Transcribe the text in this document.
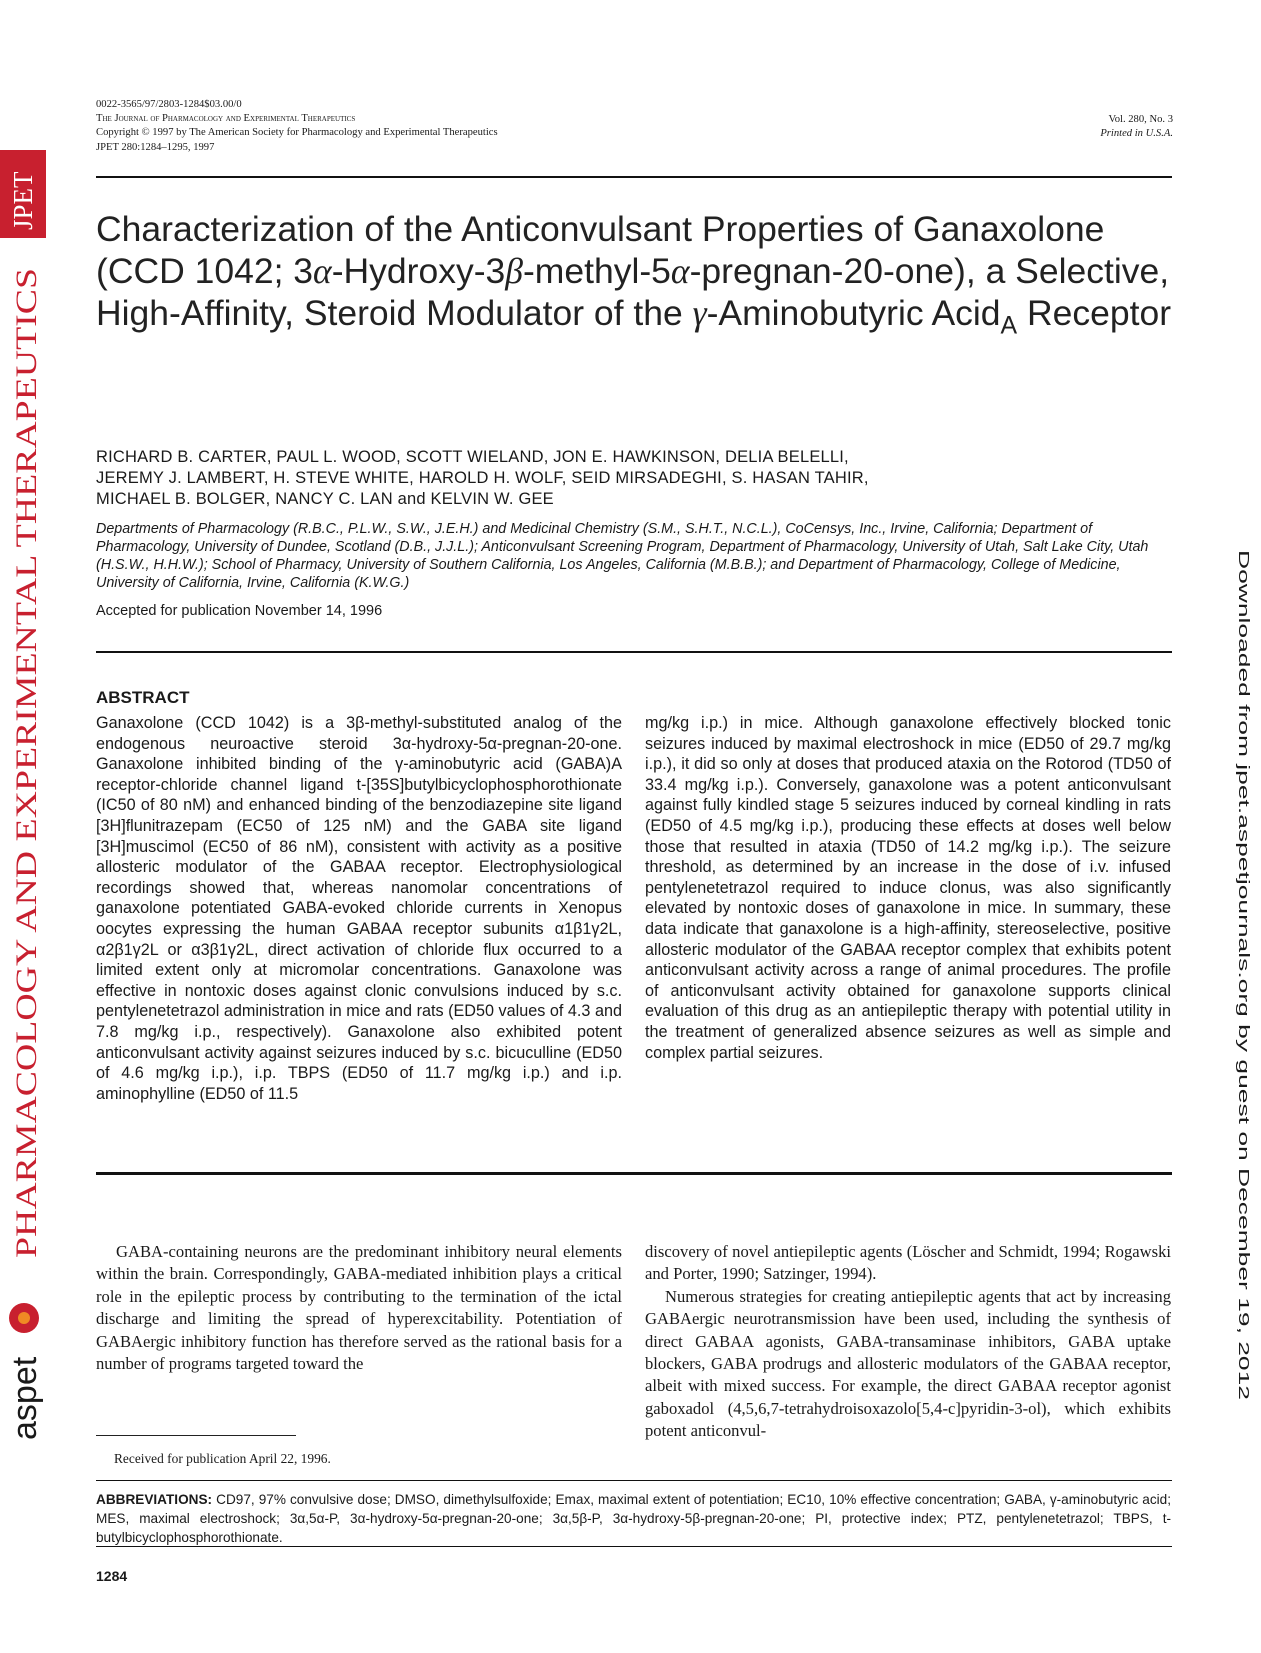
0022-3565/97/2803-1284$03.00/0
The Journal of Pharmacology and Experimental Therapeutics
Copyright © 1997 by The American Society for Pharmacology and Experimental Therapeutics
JPET 280:1284–1295, 1997
Vol. 280, No. 3
Printed in U.S.A.
Characterization of the Anticonvulsant Properties of Ganaxolone (CCD 1042; 3α-Hydroxy-3β-methyl-5α-pregnan-20-one), a Selective, High-Affinity, Steroid Modulator of the γ-Aminobutyric Acid$_A$ Receptor
RICHARD B. CARTER, PAUL L. WOOD, SCOTT WIELAND, JON E. HAWKINSON, DELIA BELELLI,
JEREMY J. LAMBERT, H. STEVE WHITE, HAROLD H. WOLF, SEID MIRSADEGHI, S. HASAN TAHIR,
MICHAEL B. BOLGER, NANCY C. LAN and KELVIN W. GEE
Departments of Pharmacology (R.B.C., P.L.W., S.W., J.E.H.) and Medicinal Chemistry (S.M., S.H.T., N.C.L.), CoCensys, Inc., Irvine, California; Department of Pharmacology, University of Dundee, Scotland (D.B., J.J.L.); Anticonvulsant Screening Program, Department of Pharmacology, University of Utah, Salt Lake City, Utah (H.S.W., H.H.W.); School of Pharmacy, University of Southern California, Los Angeles, California (M.B.B.); and Department of Pharmacology, College of Medicine, University of California, Irvine, California (K.W.G.)
Accepted for publication November 14, 1996
ABSTRACT
Ganaxolone (CCD 1042) is a 3β-methyl-substituted analog of the endogenous neuroactive steroid 3α-hydroxy-5α-pregnan-20-one. Ganaxolone inhibited binding of the γ-aminobutyric acid (GABA)A receptor-chloride channel ligand t-[35S]butylbicyclophosphorothionate (IC50 of 80 nM) and enhanced binding of the benzodiazepine site ligand [3H]flunitrazepam (EC50 of 125 nM) and the GABA site ligand [3H]muscimol (EC50 of 86 nM), consistent with activity as a positive allosteric modulator of the GABAA receptor. Electrophysiological recordings showed that, whereas nanomolar concentrations of ganaxolone potentiated GABA-evoked chloride currents in Xenopus oocytes expressing the human GABAA receptor subunits α1β1γ2L, α2β1γ2L or α3β1γ2L, direct activation of chloride flux occurred to a limited extent only at micromolar concentrations. Ganaxolone was effective in nontoxic doses against clonic convulsions induced by s.c. pentylenetetrazol administration in mice and rats (ED50 values of 4.3 and 7.8 mg/kg i.p., respectively). Ganaxolone also exhibited potent anticonvulsant activity against seizures induced by s.c. bicuculline (ED50 of 4.6 mg/kg i.p.), i.p. TBPS (ED50 of 11.7 mg/kg i.p.) and i.p. aminophylline (ED50 of 11.5
mg/kg i.p.) in mice. Although ganaxolone effectively blocked tonic seizures induced by maximal electroshock in mice (ED50 of 29.7 mg/kg i.p.), it did so only at doses that produced ataxia on the Rotorod (TD50 of 33.4 mg/kg i.p.). Conversely, ganaxolone was a potent anticonvulsant against fully kindled stage 5 seizures induced by corneal kindling in rats (ED50 of 4.5 mg/kg i.p.), producing these effects at doses well below those that resulted in ataxia (TD50 of 14.2 mg/kg i.p.). The seizure threshold, as determined by an increase in the dose of i.v. infused pentylenetetrazol required to induce clonus, was also significantly elevated by nontoxic doses of ganaxolone in mice. In summary, these data indicate that ganaxolone is a high-affinity, stereoselective, positive allosteric modulator of the GABAA receptor complex that exhibits potent anticonvulsant activity across a range of animal procedures. The profile of anticonvulsant activity obtained for ganaxolone supports clinical evaluation of this drug as an antiepileptic therapy with potential utility in the treatment of generalized absence seizures as well as simple and complex partial seizures.

GABA-containing neurons are the predominant inhibitory neural elements within the brain. Correspondingly, GABA-mediated inhibition plays a critical role in the epileptic process by contributing to the termination of the ictal discharge and limiting the spread of hyperexcitability. Potentiation of GABAergic inhibitory function has therefore served as the rational basis for a number of programs targeted toward the

discovery of novel antiepileptic agents (Löscher and Schmidt, 1994; Rogawski and Porter, 1990; Satzinger, 1994).

Numerous strategies for creating antiepileptic agents that act by increasing GABAergic neurotransmission have been used, including the synthesis of direct GABAA agonists, GABA-transaminase inhibitors, GABA uptake blockers, GABA prodrugs and allosteric modulators of the GABAA receptor, albeit with mixed success. For example, the direct GABAA receptor agonist gaboxadol (4,5,6,7-tetrahydroisoxazolo[5,4-c]pyridin-3-ol), which exhibits potent anticonvul-

Received for publication April 22, 1996.
ABBREVIATIONS: CD97, 97% convulsive dose; DMSO, dimethylsulfoxide; Emax, maximal extent of potentiation; EC10, 10% effective concentration; GABA, γ-aminobutyric acid; MES, maximal electroshock; 3α,5α-P, 3α-hydroxy-5α-pregnan-20-one; 3α,5β-P, 3α-hydroxy-5β-pregnan-20-one; PI, protective index; PTZ, pentylenetetrazol; TBPS, t-butylbicyclophosphorothionate.
1284
JPET
PHARMACOLOGY AND EXPERIMENTAL THERAPEUTICS
aspet
Downloaded from jpet.aspetjournals.org by guest on December 19, 2012
